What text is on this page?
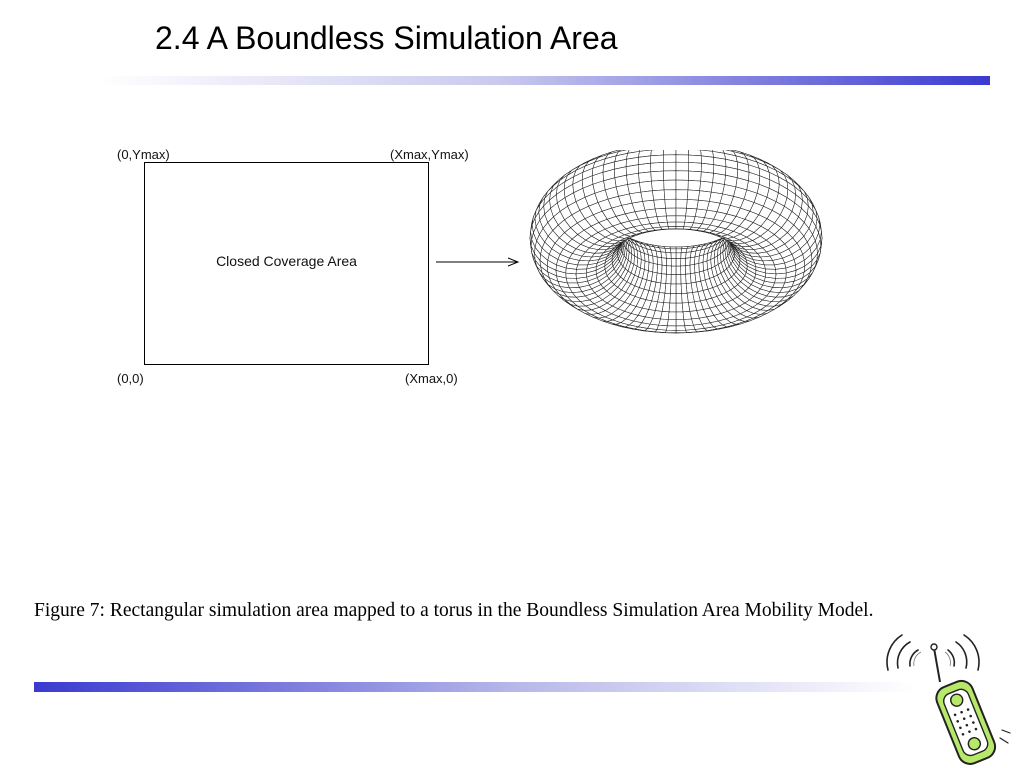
2.4 A Boundless Simulation Area
(0,Ymax)	(Xmax,Ymax)
Closed Coverage Area
(0,0)	(Xmax,0)
Figure 7: Rectangular simulation area mapped to a torus in the Boundless Simulation Area Mobility Model.
